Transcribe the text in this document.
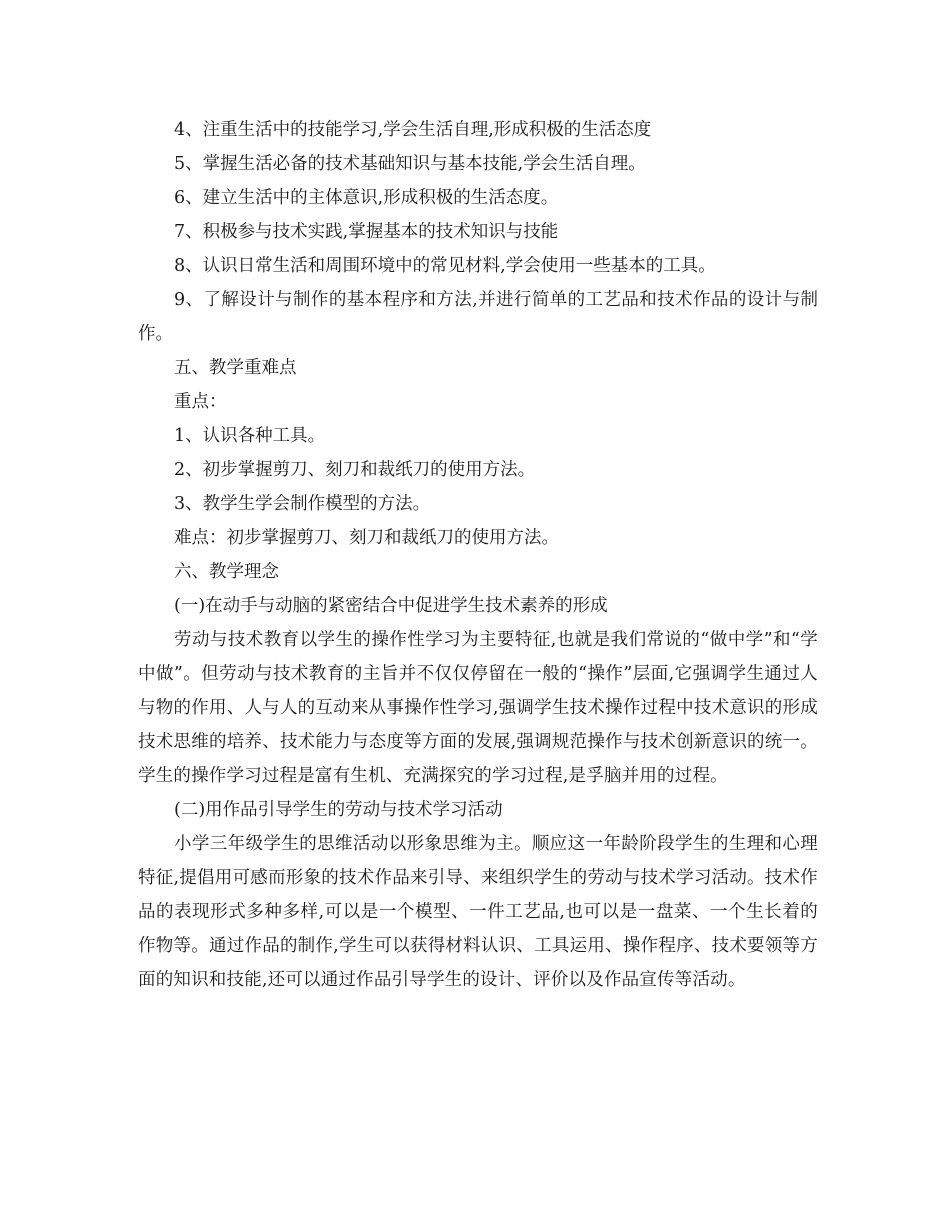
4、注重生活中的技能学习,学会生活自理,形成积极的生活态度
5、掌握生活必备的技术基础知识与基本技能,学会生活自理。
6、建立生活中的主体意识,形成积极的生活态度。
7、积极参与技术实践,掌握基本的技术知识与技能
8、认识日常生活和周围环境中的常见材料,学会使用一些基本的工具。

9、了解设计与制作的基本程序和方法,并进行简单的工艺品和技术作品的设计与制作。

五、教学重难点
重点：
1、认识各种工具。
2、初步掌握剪刀、刻刀和裁纸刀的使用方法。
3、教学生学会制作模型的方法。
难点：初步掌握剪刀、刻刀和裁纸刀的使用方法。
六、教学理念
(一)在动手与动脑的紧密结合中促进学生技术素养的形成

劳动与技术教育以学生的操作性学习为主要特征,也就是我们常说的“做中学”和“学中做”。但劳动与技术教育的主旨并不仅仅停留在一般的“操作”层面,它强调学生通过人 与物的作用、人与人的互动来从事操作性学习,强调学生技术操作过程中技术意识的形成技术思维的培养、技术能力与态度等方面的发展,强调规范操作与技术创新意识的统一。学生的操作学习过程是富有生机、充满探究的学习过程,是孚脑并用的过程。

(二)用作品引导学生的劳动与技术学习活动

小学三年级学生的思维活动以形象思维为主。顺应这一年龄阶段学生的生理和心理特征,提倡用可感而形象的技术作品来引导、来组织学生的劳动与技术学习活动。技术作品的表现形式多种多样,可以是一个模型、一件工艺品,也可以是一盘菜、一个生长着的作物等。通过作品的制作,学生可以获得材料认识、工具运用、操作程序、技术要领等方面的知识和技能,还可以通过作品引导学生的设计、评价以及作品宣传等活动。
